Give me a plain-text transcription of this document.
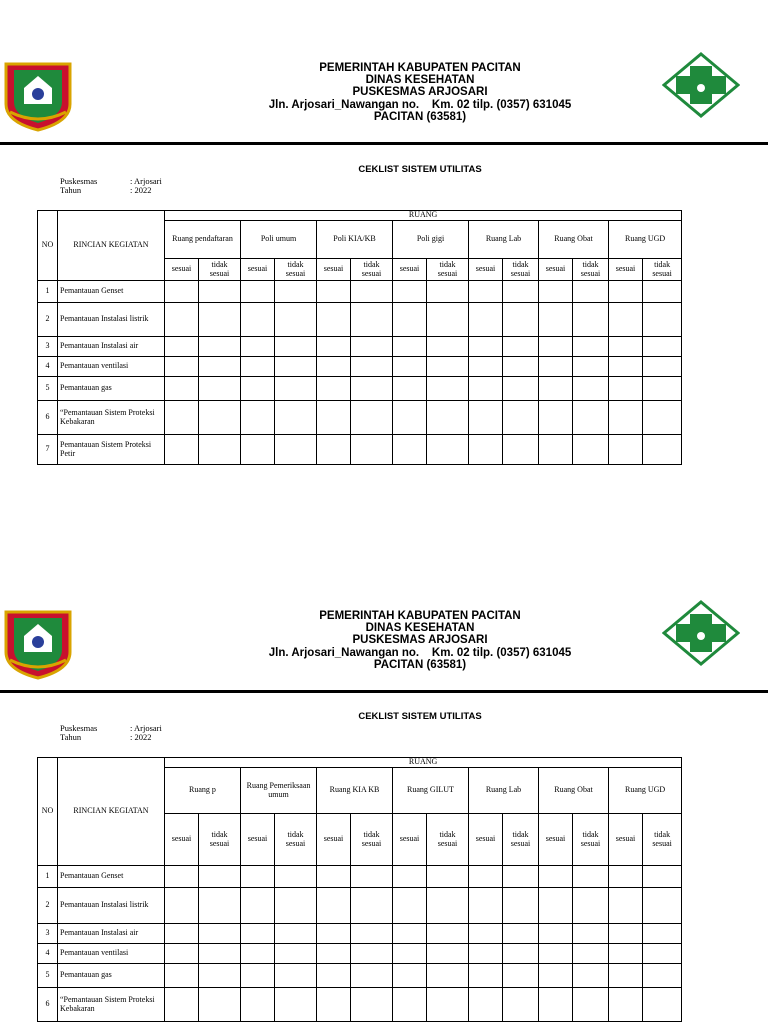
PEMERINTAH KABUPATEN PACITAN
DINAS KESEHATAN
PUSKESMAS ARJOSARI
Jln. Arjosari_Nawangan no.    Km. 02 tilp. (0357) 631045
PACITAN (63581)
CEKLIST SISTEM UTILITAS
Puskesmas	: Arjosari
Tahun	: 2022
NO	RINCIAN KEGIATAN	RUANG													
		Ruang pendaftaran		Poli umum		Poli KIA/KB		Poli gigi		Ruang Lab		Ruang Obat		Ruang UGD	
		sesuai	tidak sesuai	sesuai	tidak sesuai	sesuai	tidak sesuai	sesuai	tidak sesuai	sesuai	tidak sesuai	sesuai	tidak sesuai	sesuai	tidak sesuai
1	Pemantauan Genset														
2	Pemantauan Instalasi listrik														
3	Pemantauan Instalasi air														
4	Pemantauan ventilasi														
5	Pemantauan gas														
6	“Pemantauan Sistem Proteksi Kebakaran														
7	Pemantauan Sistem Proteksi Petir														
PEMERINTAH KABUPATEN PACITAN
DINAS KESEHATAN
PUSKESMAS ARJOSARI
Jln. Arjosari_Nawangan no.    Km. 02 tilp. (0357) 631045
PACITAN (63581)
CEKLIST SISTEM UTILITAS
Puskesmas	: Arjosari
Tahun	: 2022
NO	RINCIAN KEGIATAN	RUANG													
		Ruang p		Ruang Pemeriksaan umum		Ruang KIA KB		Ruang GILUT		Ruang Lab		Ruang Obat		Ruang UGD	
		sesuai	tidak sesuai	sesuai	tidak sesuai	sesuai	tidak sesuai	sesuai	tidak sesuai	sesuai	tidak sesuai	sesuai	tidak sesuai	sesuai	tidak sesuai
1	Pemantauan Genset														
2	Pemantauan Instalasi listrik														
3	Pemantauan Instalasi air														
4	Pemantauan ventilasi														
5	Pemantauan gas														
6	“Pemantauan Sistem Proteksi Kebakaran														
